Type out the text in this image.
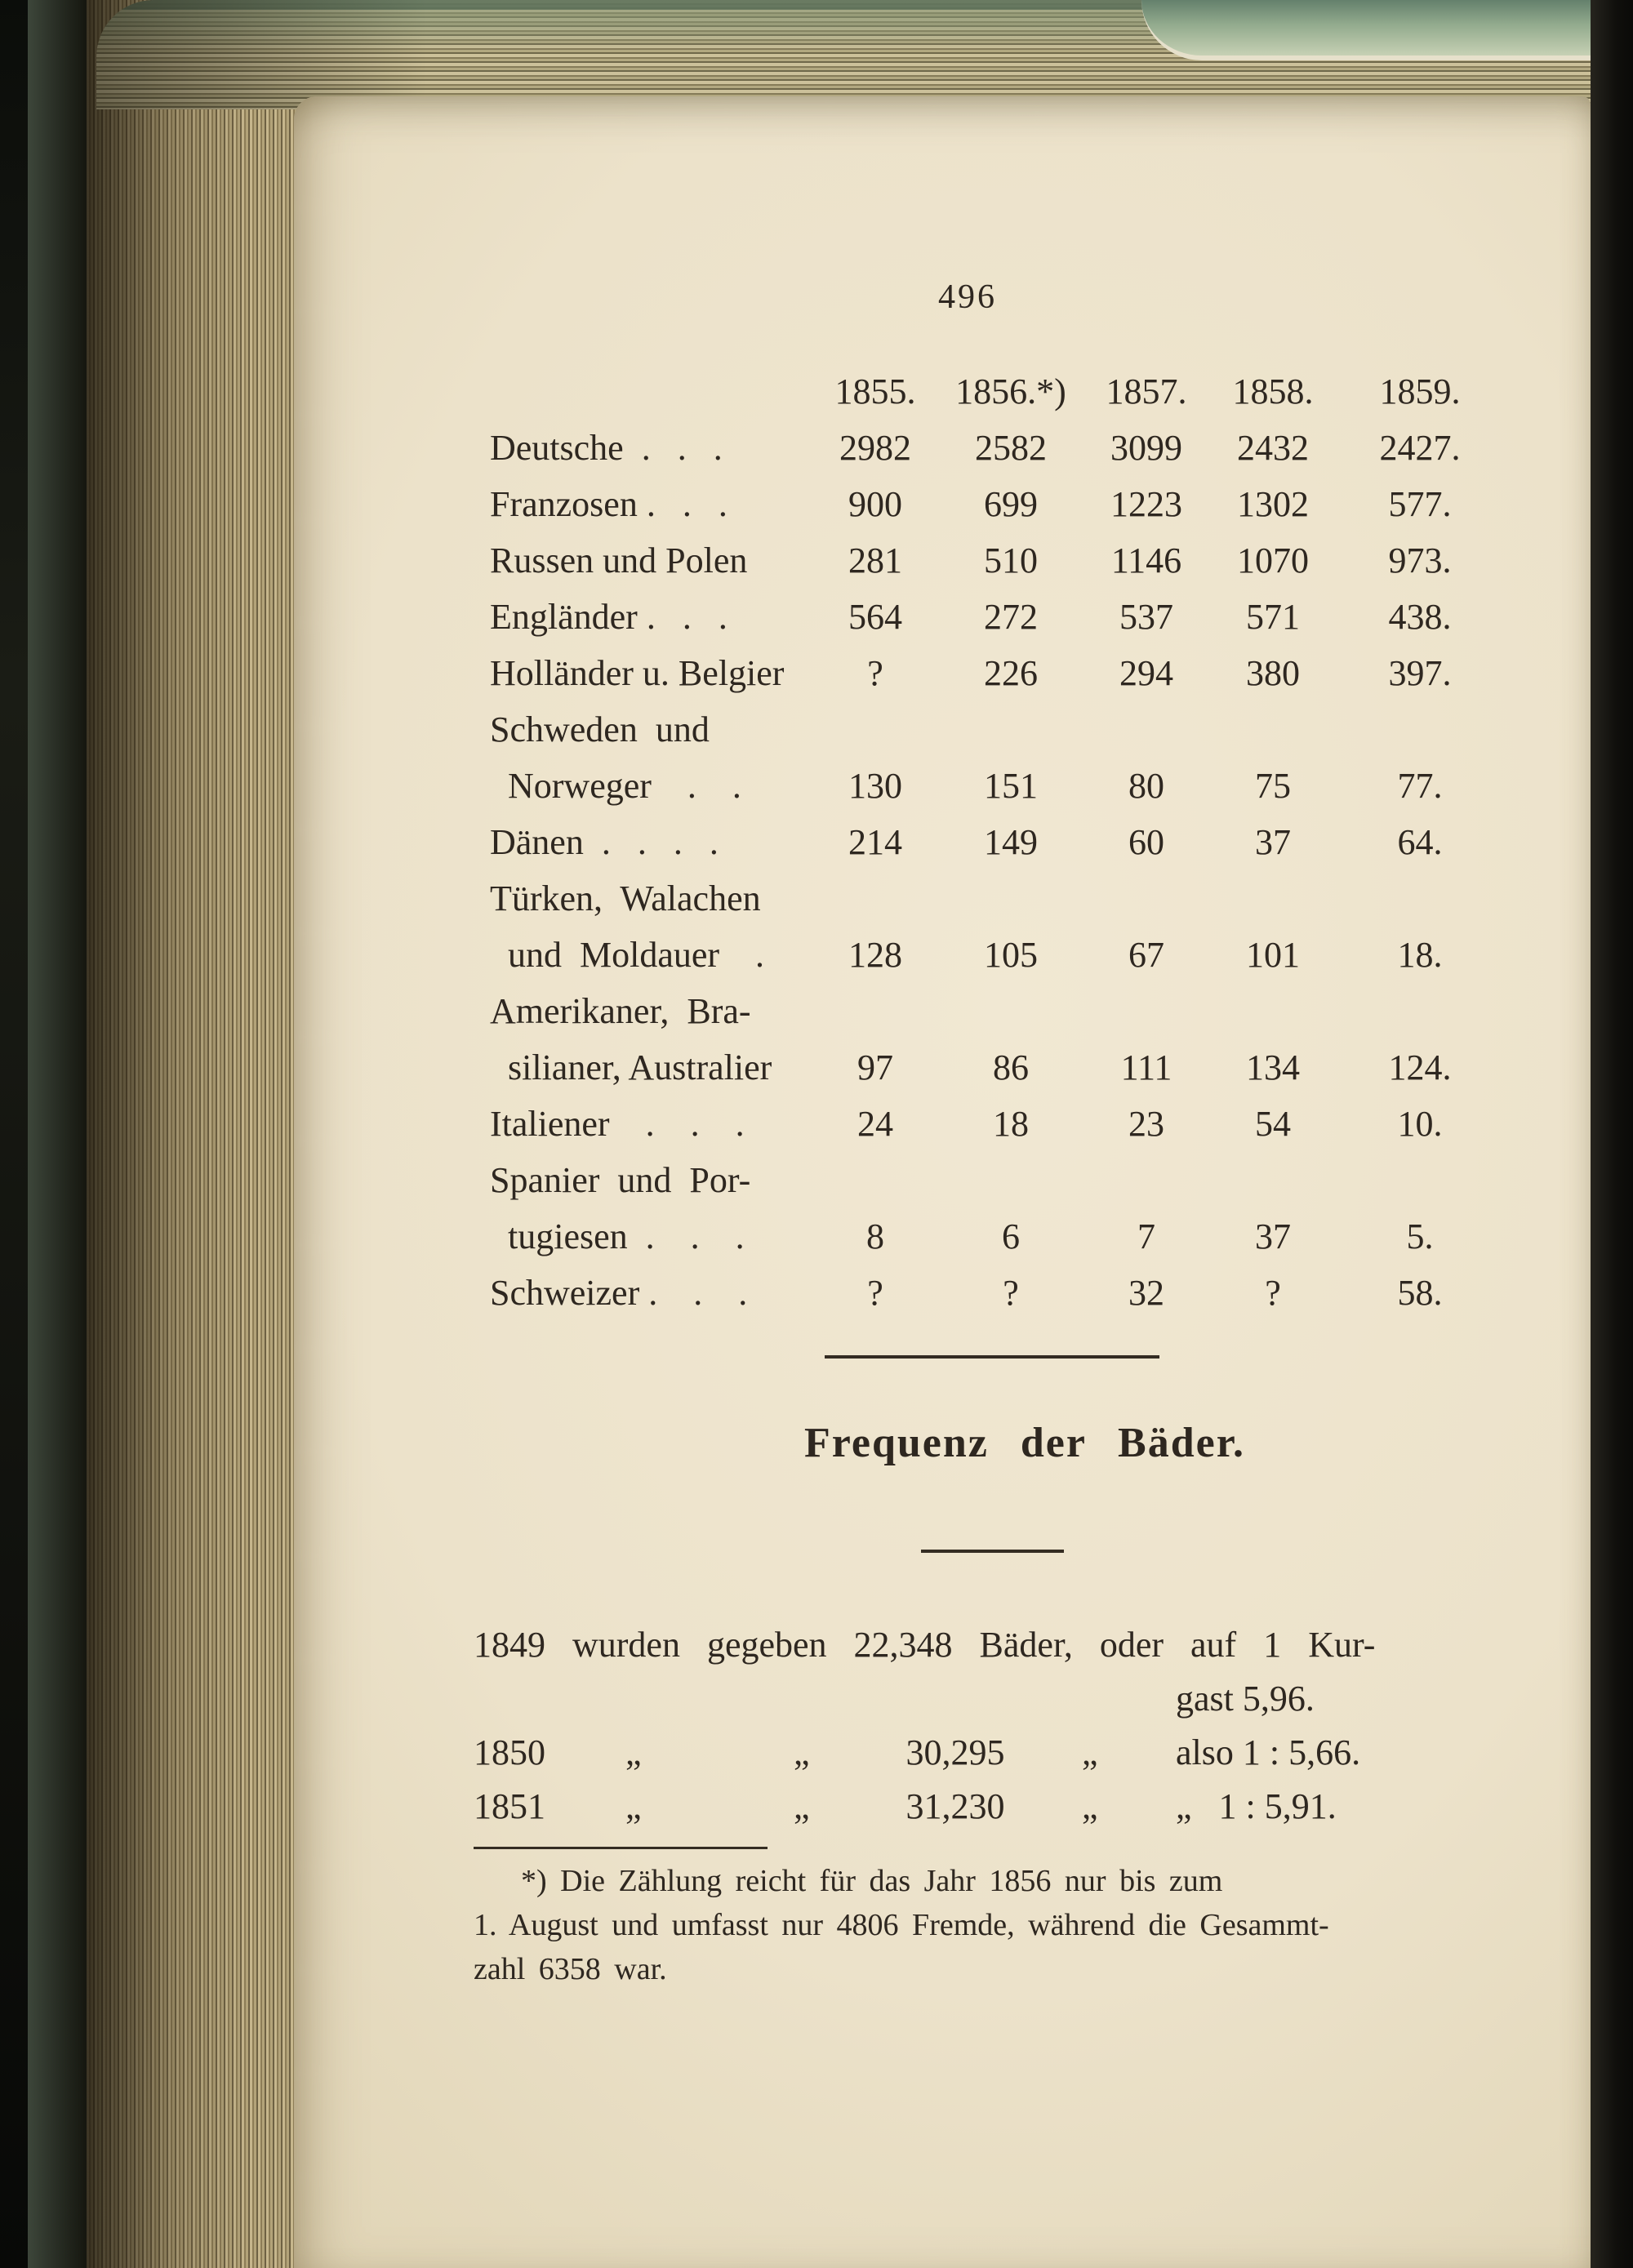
496
1855.	1856.*)	1857.	1858.	1859.
Deutsche  .   .   .	2982	2582	3099	2432	2427.
Franzosen .   .   .	900	699	1223	1302	577.
Russen und Polen	281	510	1146	1070	973.
Engländer .   .   .	564	272	537	571	438.
Holländer u. Belgier	?	226	294	380	397.
Schweden  und
Norweger    .    .	130	151	80	75	77.
Dänen  .   .   .   .	214	149	60	37	64.
Türken,  Walachen
und  Moldauer    .	128	105	67	101	18.
Amerikaner,  Bra-
silianer, Australier	97	86	111	134	124.
Italiener    .    .    .	24	18	23	54	10.
Spanier  und  Por-
tugiesen  .    .    .	8	6	7	37	5.
Schweizer .    .    .	?	?	32	?	58.
Frequenz der Bäder.
1849 wurden gegeben 22,348 Bäder, oder auf 1 Kur-
gast 5,96.
1850 „	„	30,295	„ also 1 : 5,66.
1851 „	„	31,230	„ „   1 : 5,91.
*) Die Zählung reicht für das Jahr 1856 nur bis zum
1. August und umfasst nur 4806 Fremde, während die Gesammt-
zahl 6358 war.
